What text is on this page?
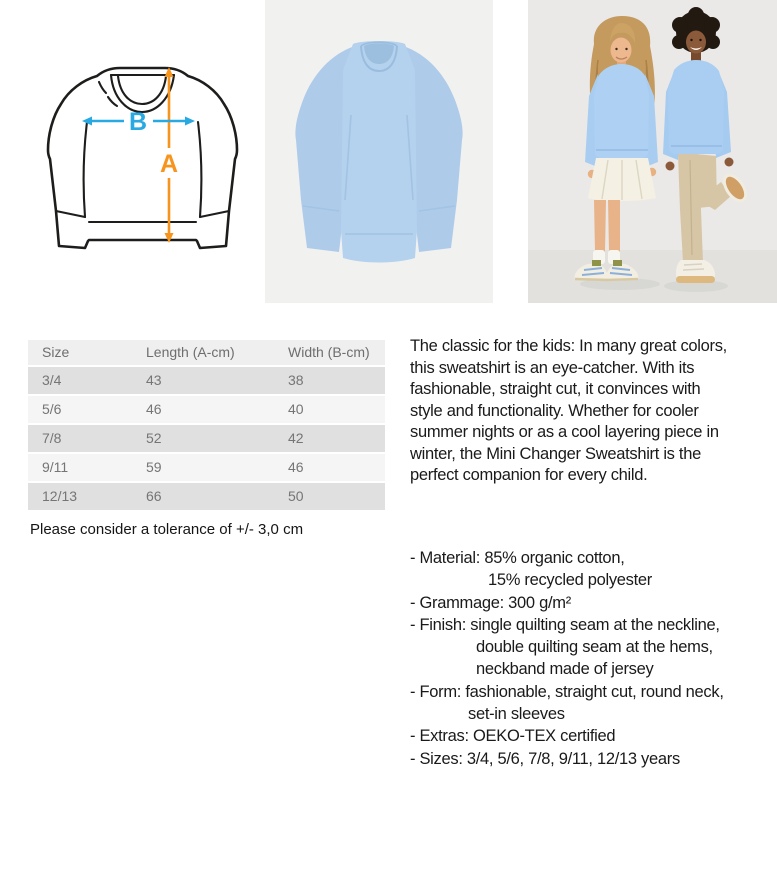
A
B
Size	Length (A-cm)	Width (B-cm)
3/4	43	38
5/6	46	40
7/8	52	42
9/11	59	46
12/13	66	50
Please consider a tolerance of +/- 3,0 cm
The classic for the kids: In many great colors,
this sweatshirt is an eye-catcher. With its
fashionable, straight cut, it convinces with
style and functionality. Whether for cooler
summer nights or as a cool layering piece in
winter, the Mini Changer Sweatshirt is the
perfect companion for every child.
- Material: 85% organic cotton,
15% recycled polyester
- Grammage: 300 g/m²
- Finish: single quilting seam at the neckline,
double quilting seam at the hems,
neckband made of jersey
- Form: fashionable, straight cut, round neck,
set-in sleeves
- Extras: OEKO-TEX certified
- Sizes: 3/4, 5/6, 7/8, 9/11, 12/13 years
